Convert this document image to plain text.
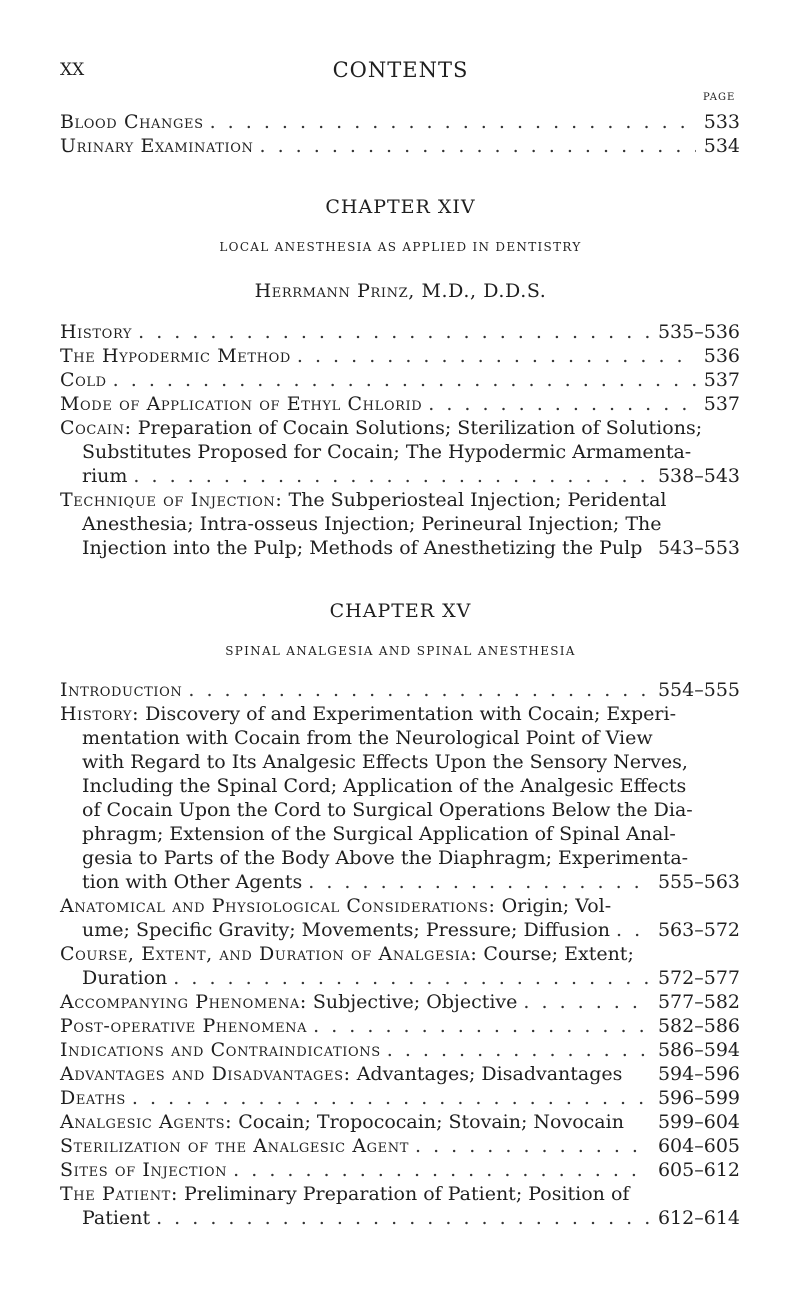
XX	CONTENTS
PAGE
Blood Changes . . .	533
Urinary Examination . . .	534
CHAPTER XIV
LOCAL ANESTHESIA AS APPLIED IN DENTISTRY
Herrmann Prinz, M.D., D.D.S.
History . . .	535–536
The Hypodermic Method . . .	536
Cold . . .	537
Mode of Application of Ethyl Chlorid . . .	537
Cocain: Preparation of Cocain Solutions; Sterilization of Solutions;
Substitutes Proposed for Cocain; The Hypodermic Armamenta-
rium . . .	538–543
Technique of Injection: The Subperiosteal Injection; Peridental
Anesthesia; Intra-osseus Injection; Perineural Injection; The
Injection into the Pulp; Methods of Anesthetizing the Pulp 543–553
CHAPTER XV
SPINAL ANALGESIA AND SPINAL ANESTHESIA
Introduction . . .	554–555
History: Discovery of and Experimentation with Cocain; Experi-
mentation with Cocain from the Neurological Point of View
with Regard to Its Analgesic Effects Upon the Sensory Nerves,
Including the Spinal Cord; Application of the Analgesic Effects
of Cocain Upon the Cord to Surgical Operations Below the Dia-
phragm; Extension of the Surgical Application of Spinal Anal-
gesia to Parts of the Body Above the Diaphragm; Experimenta-
tion with Other Agents . . .	555–563
Anatomical and Physiological Considerations: Origin; Vol-
ume; Specific Gravity; Movements; Pressure; Diffusion . . .	563–572
Course, Extent, and Duration of Analgesia: Course; Extent;
Duration . . .	572–577
Accompanying Phenomena: Subjective; Objective . . .	577–582
Post-operative Phenomena . . .	582–586
Indications and Contraindications . . .	586–594
Advantages and Disadvantages: Advantages; Disadvantages	594–596
Deaths . . .	596–599
Analgesic Agents: Cocain; Tropococain; Stovain; Novocain	599–604
Sterilization of the Analgesic Agent . . .	604–605
Sites of Injection . . .	605–612
The Patient: Preliminary Preparation of Patient; Position of
Patient . . .	612–614
